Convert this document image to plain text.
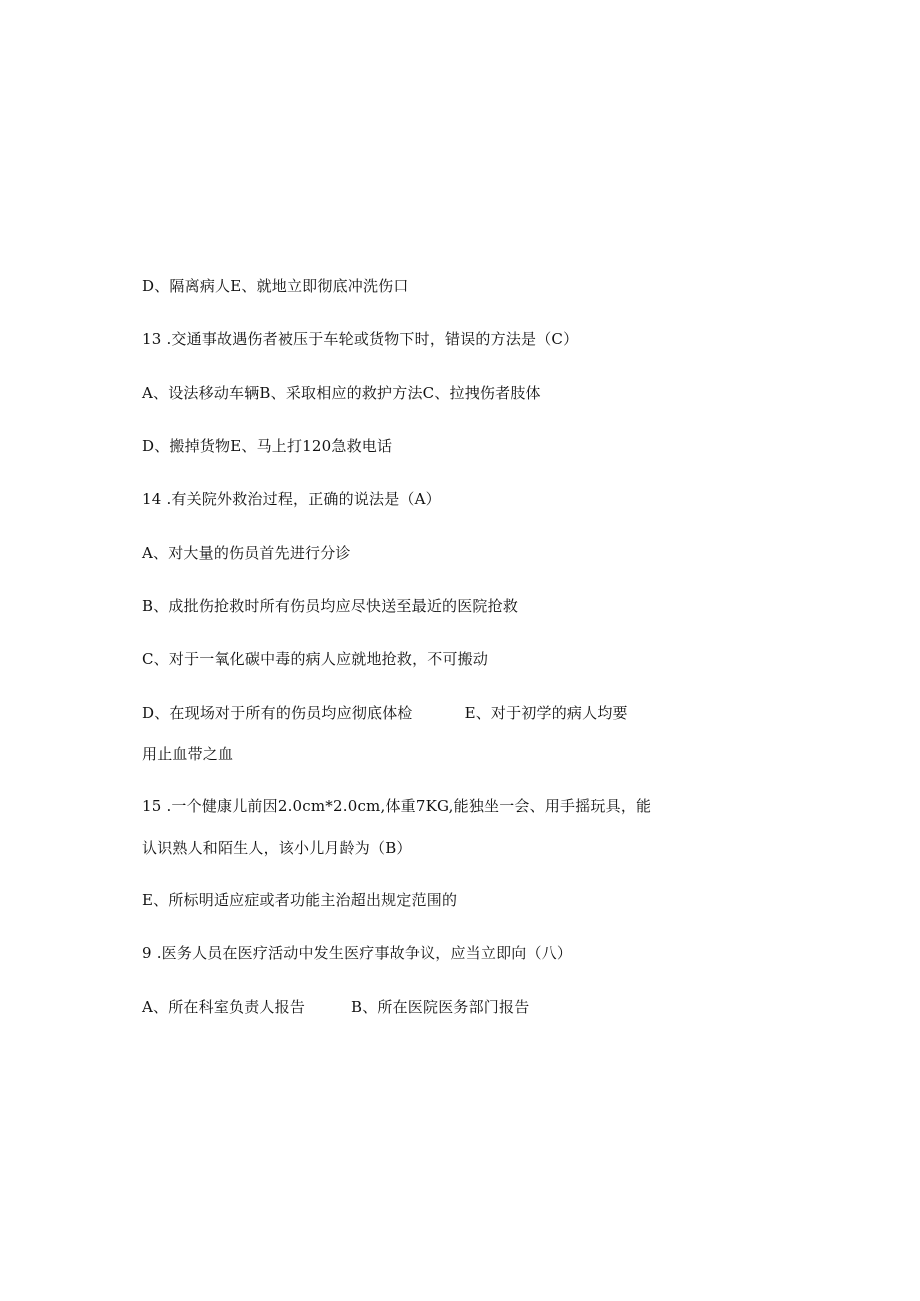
D、隔离病人E、就地立即彻底冲洗伤口
13 .交通事故遇伤者被压于车轮或货物下时，错误的方法是（C）
A、设法移动车辆B、采取相应的救护方法C、拉拽伤者肢体
D、搬掉货物E、马上打120急救电话
14 .有关院外救治过程，正确的说法是（A）
A、对大量的伤员首先进行分诊
B、成批伤抢救时所有伤员均应尽快送至最近的医院抢救
C、对于一氧化碳中毒的病人应就地抢救，不可搬动
D、在现场对于所有的伤员均应彻底体检	E、对于初学的病人均要
用止血带之血
15 .一个健康儿前因2.0cm*2.0cm,体重7KG,能独坐一会、用手摇玩具，能
认识熟人和陌生人，该小儿月龄为（B）
E、所标明适应症或者功能主治超出规定范围的
9 .医务人员在医疗活动中发生医疗事故争议，应当立即向（八）
A、所在科室负责人报告	B、所在医院医务部门报告
